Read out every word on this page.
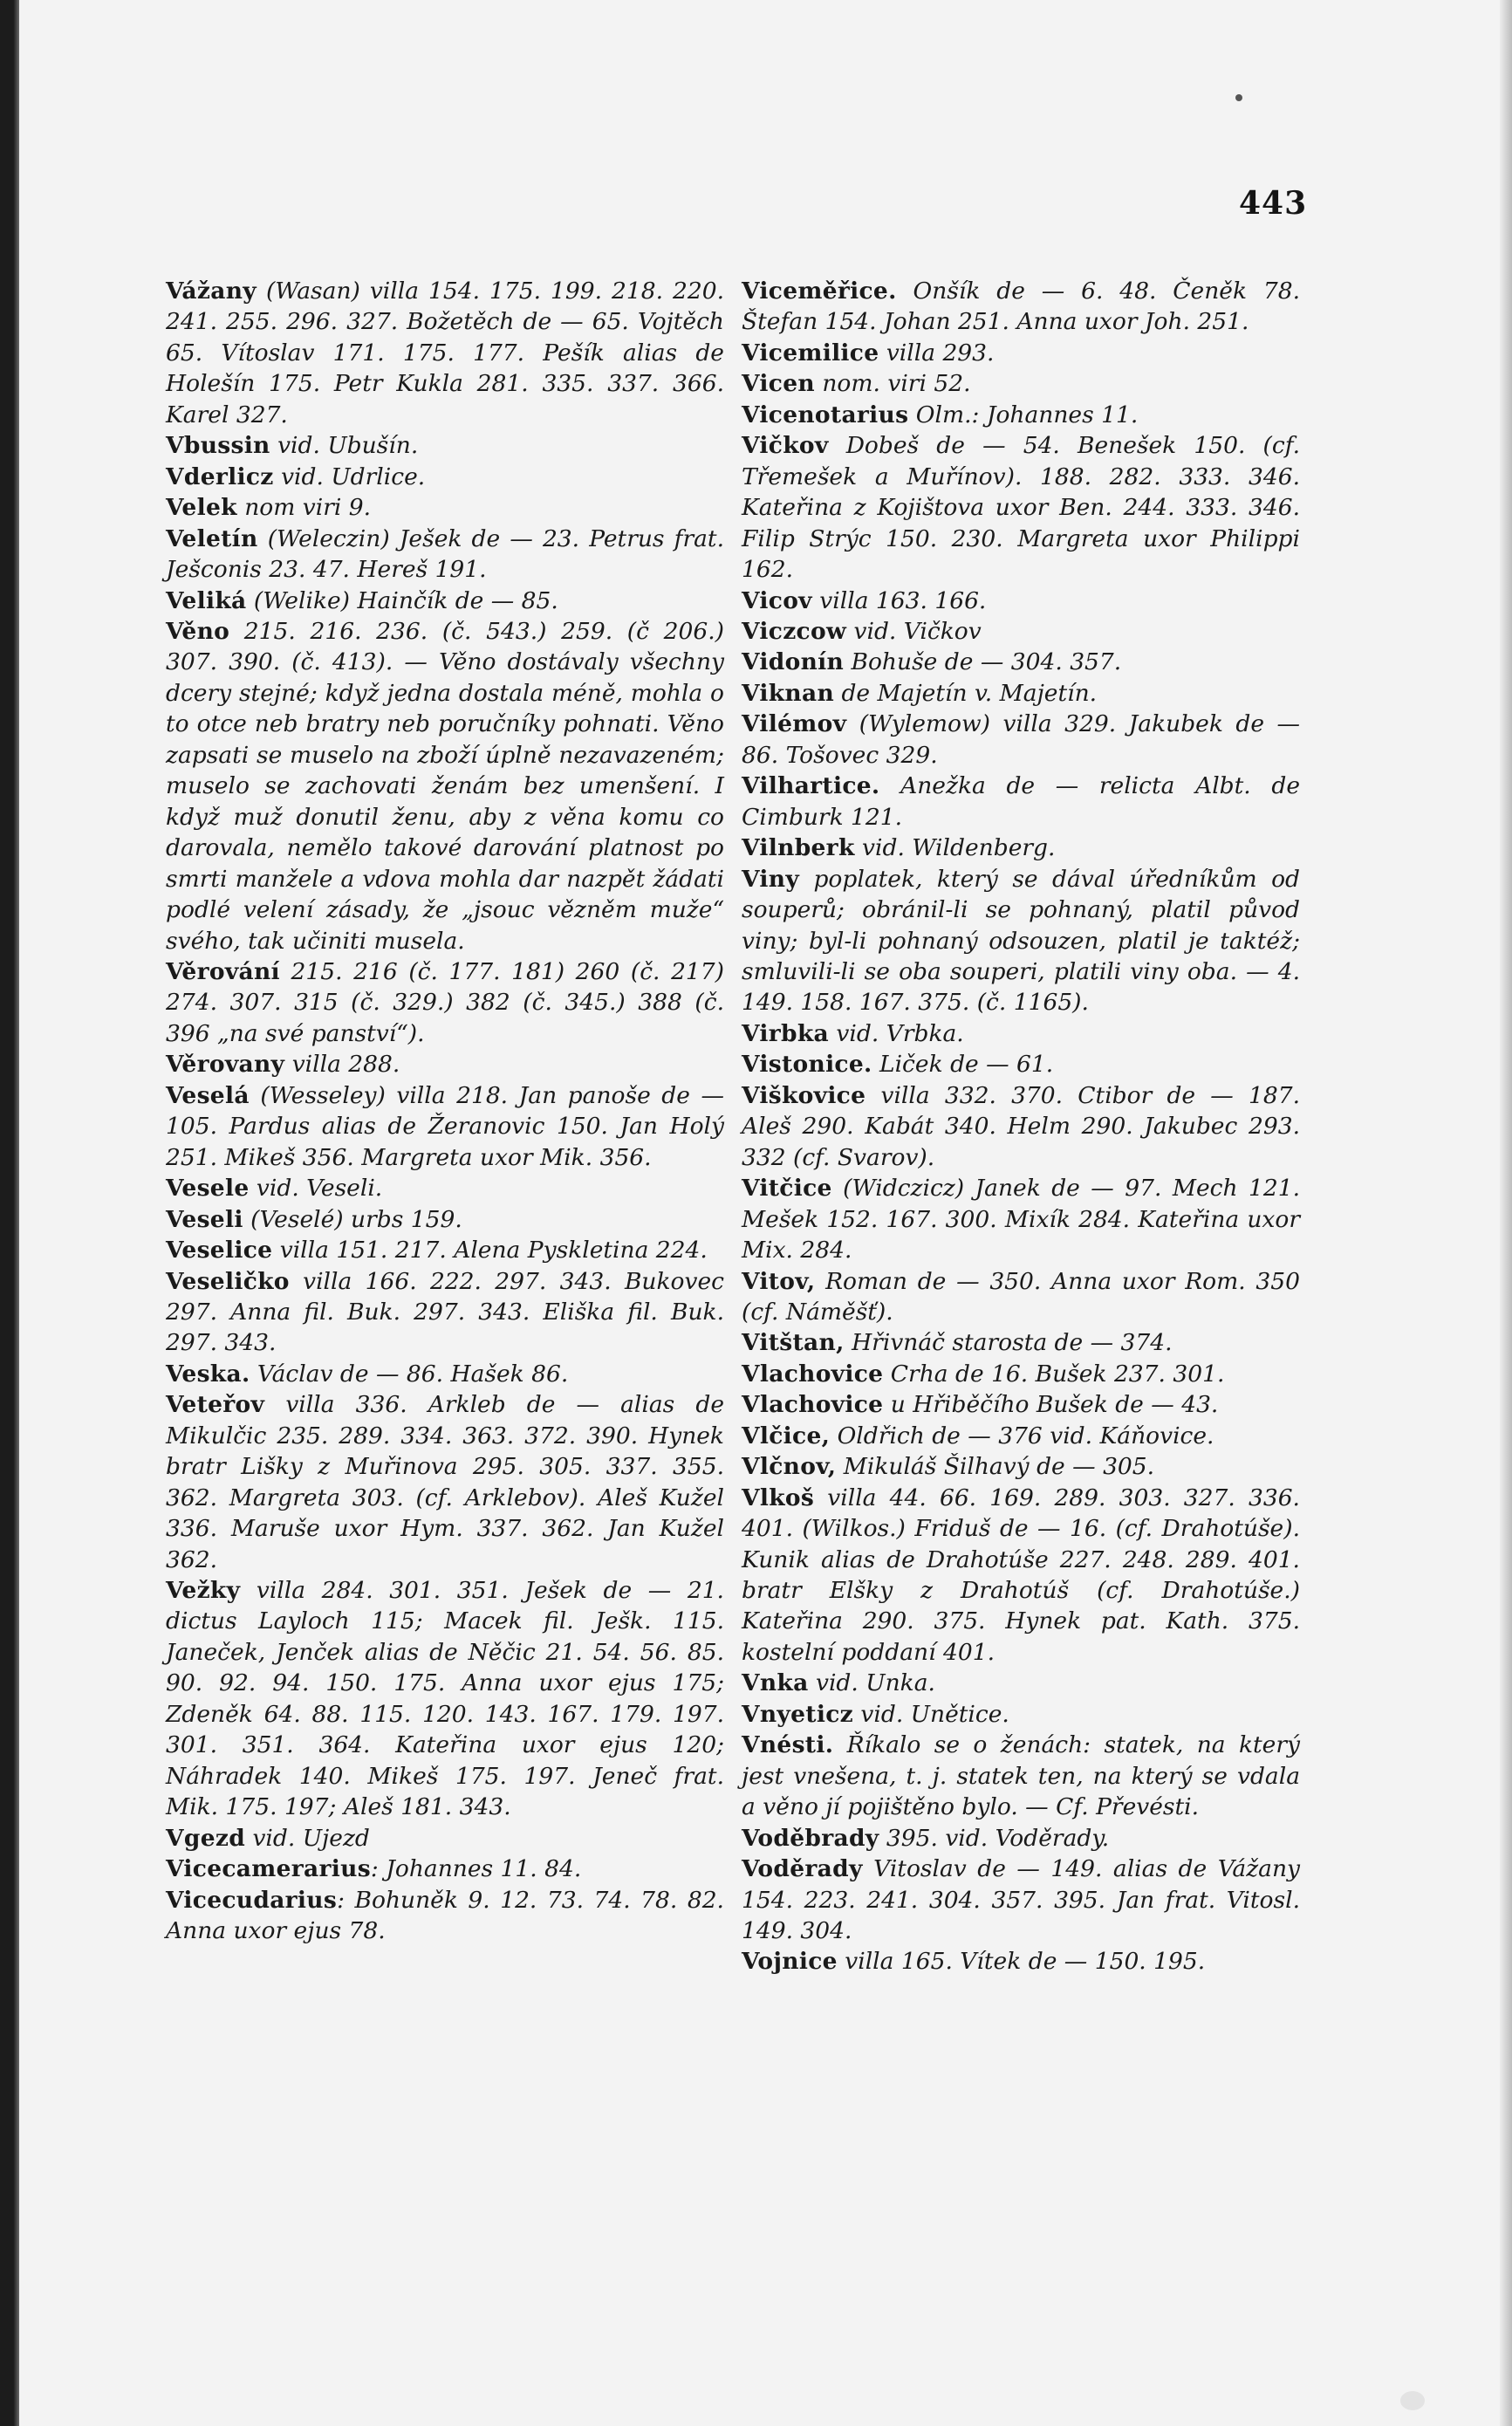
443

Vážany (Wasan) villa 154. 175. 199. 218. 220. 241. 255. 296. 327. Božetěch de — 65. Vojtěch 65. Vítoslav 171. 175. 177. Pešík alias de Holešín 175. Petr Kukla 281. 335. 337. 366. Karel 327.

Vbussin vid. Ubušín.

Vderlicz vid. Udrlice.

Velek nom viri 9.

Veletín (Weleczin) Ješek de — 23. Petrus frat. Ješconis 23. 47. Hereš 191.

Veliká (Welike) Hainčík de — 85.

Věno 215. 216. 236. (č. 543.) 259. (č 206.) 307. 390. (č. 413). — Věno dostávaly všechny dcery stejné; když jedna dostala méně, mohla o to otce neb bratry neb poručníky pohnati. Věno zapsati se muselo na zboží úplně nezavazeném; muselo se zachovati ženám bez umenšení. I když muž donutil ženu, aby z věna komu co darovala, nemělo takové darování platnost po smrti manžele a vdova mohla dar nazpět žádati podlé velení zásady, že „jsouc vězněm muže“ svého, tak učiniti musela.

Věrování 215. 216 (č. 177. 181) 260 (č. 217) 274. 307. 315 (č. 329.) 382 (č. 345.) 388 (č. 396 „na své panství“).

Věrovany villa 288.

Veselá (Wesseley) villa 218. Jan panoše de — 105. Pardus alias de Žeranovic 150. Jan Holý 251. Mikeš 356. Margreta uxor Mik. 356.

Vesele vid. Veseli.

Veseli (Veselé) urbs 159.

Veselice villa 151. 217. Alena Pyskletina 224.

Veseličko villa 166. 222. 297. 343. Bukovec 297. Anna fil. Buk. 297. 343. Eliška fil. Buk. 297. 343.

Veska. Václav de — 86. Hašek 86.

Veteřov villa 336. Arkleb de — alias de Mikulčic 235. 289. 334. 363. 372. 390. Hynek bratr Lišky z Muřinova 295. 305. 337. 355. 362. Margreta 303. (cf. Arklebov). Aleš Kužel 336. Maruše uxor Hym. 337. 362. Jan Kužel 362.

Vežky villa 284. 301. 351. Ješek de — 21. dictus Layloch 115; Macek fil. Ješk. 115. Janeček, Jenček alias de Něčic 21. 54. 56. 85. 90. 92. 94. 150. 175. Anna uxor ejus 175; Zdeněk 64. 88. 115. 120. 143. 167. 179. 197. 301. 351. 364. Kateřina uxor ejus 120; Náhradek 140. Mikeš 175. 197. Jeneč frat. Mik. 175. 197; Aleš 181. 343.

Vgezd vid. Ujezd

Vicecamerarius: Johannes 11. 84.

Vicecudarius: Bohuněk 9. 12. 73. 74. 78. 82. Anna uxor ejus 78.

Viceměřice. Onšík de — 6. 48. Čeněk 78. Štefan 154. Johan 251. Anna uxor Joh. 251.

Vicemilice villa 293.

Vicen nom. viri 52.

Vicenotarius Olm.: Johannes 11.

Vičkov Dobeš de — 54. Benešek 150. (cf. Třemešek a Muřínov). 188. 282. 333. 346. Kateřina z Kojištova uxor Ben. 244. 333. 346. Filip Strýc 150. 230. Margreta uxor Philippi 162.

Vicov villa 163. 166.

Viczcow vid. Vičkov

Vidonín Bohuše de — 304. 357.

Viknan de Majetín v. Majetín.

Vilémov (Wylemow) villa 329. Jakubek de — 86. Tošovec 329.

Vilhartice. Anežka de — relicta Albt. de Cimburk 121.

Vilnberk vid. Wildenberg.

Viny poplatek, který se dával úředníkům od souperů; obránil-li se pohnaný, platil původ viny; byl-li pohnaný odsouzen, platil je taktéž; smluvili-li se oba souperi, platili viny oba. — 4. 149. 158. 167. 375. (č. 1165).

Virbka vid. Vrbka.

Vistonice. Liček de — 61.

Viškovice villa 332. 370. Ctibor de — 187. Aleš 290. Kabát 340. Helm 290. Jakubec 293. 332 (cf. Svarov).

Vitčice (Widczicz) Janek de — 97. Mech 121. Mešek 152. 167. 300. Mixík 284. Kateřina uxor Mix. 284.

Vitov, Roman de — 350. Anna uxor Rom. 350 (cf. Náměšť).

Vitštan, Hřivnáč starosta de — 374.

Vlachovice Crha de 16. Bušek 237. 301.

Vlachovice u Hřiběčího Bušek de — 43.

Vlčice, Oldřich de — 376 vid. Káňovice.

Vlčnov, Mikuláš Šilhavý de — 305.

Vlkoš villa 44. 66. 169. 289. 303. 327. 336. 401. (Wilkos.) Friduš de — 16. (cf. Drahotúše). Kunik alias de Drahotúše 227. 248. 289. 401. bratr Elšky z Drahotúš (cf. Drahotúše.) Kateřina 290. 375. Hynek pat. Kath. 375. kostelní poddaní 401.

Vnka vid. Unka.

Vnyeticz vid. Unětice.

Vnésti. Říkalo se o ženách: statek, na který jest vnešena, t. j. statek ten, na který se vdala a věno jí pojištěno bylo. — Cf. Převésti.

Voděbrady 395. vid. Voděrady.

Voděrady Vitoslav de — 149. alias de Vážany 154. 223. 241. 304. 357. 395. Jan frat. Vitosl. 149. 304.

Vojnice villa 165. Vítek de — 150. 195.
